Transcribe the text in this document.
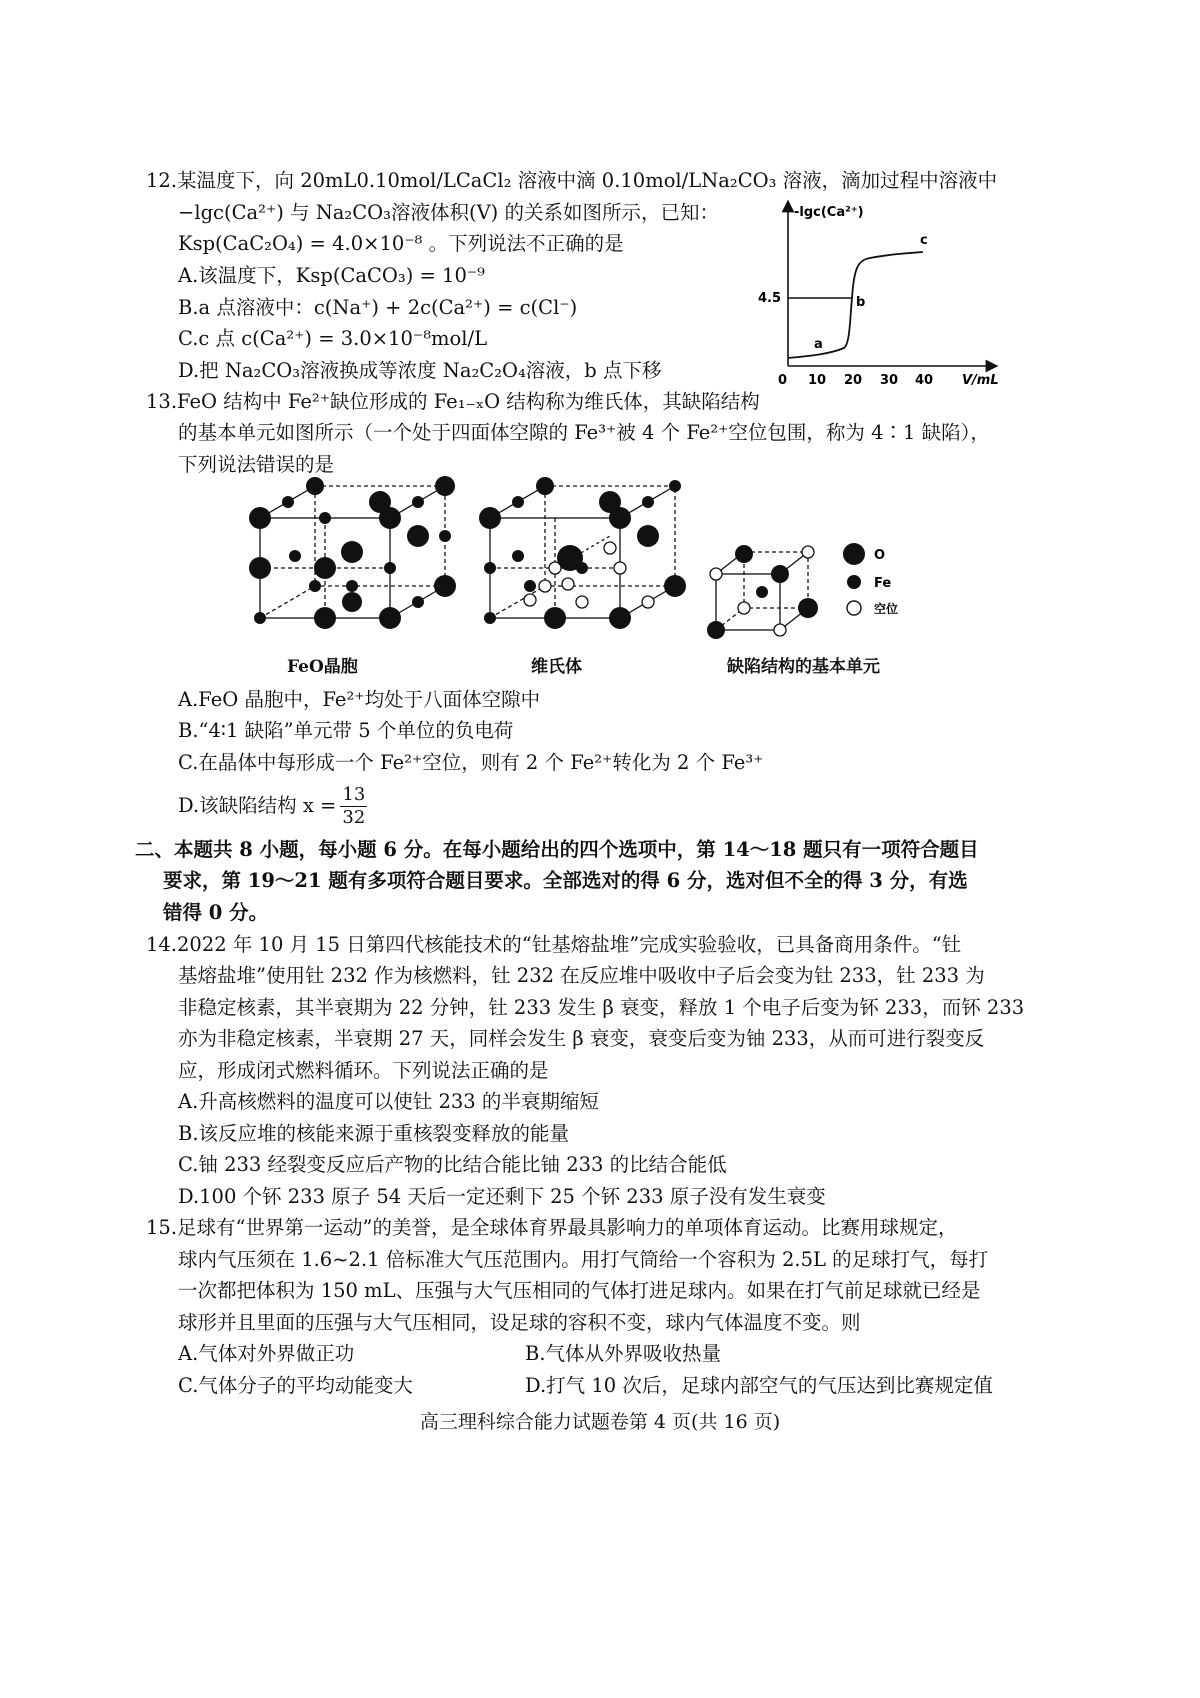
12.某温度下，向 20mL0.10mol/LCaCl₂ 溶液中滴 0.10mol/LNa₂CO₃ 溶液，滴加过程中溶液中
−lgc(Ca²⁺) 与 Na₂CO₃溶液体积(V) 的关系如图所示，已知：
Ksp(CaC₂O₄) = 4.0×10⁻⁸ 。下列说法不正确的是
A.该温度下，Ksp(CaCO₃) = 10⁻⁹
B.a 点溶液中：c(Na⁺) + 2c(Ca²⁺) = c(Cl⁻)
C.c 点 c(Ca²⁺) = 3.0×10⁻⁸mol/L
D.把 Na₂CO₃溶液换成等浓度 Na₂C₂O₄溶液，b 点下移
-lgc(Ca²⁺)
V/mL
4.5
0 10 20 30 40
a
b
c
13.FeO 结构中 Fe²⁺缺位形成的 Fe₁₋ₓO 结构称为维氏体，其缺陷结构
的基本单元如图所示（一个处于四面体空隙的 Fe³⁺被 4 个 Fe²⁺空位包围，称为 4∶1 缺陷），
下列说法错误的是
O
Fe
空位
FeO晶胞	维氏体	缺陷结构的基本单元
A.FeO 晶胞中，Fe²⁺均处于八面体空隙中
B.“4∶1 缺陷”单元带 5 个单位的负电荷
C.在晶体中每形成一个 Fe²⁺空位，则有 2 个 Fe²⁺转化为 2 个 Fe³⁺
D.该缺陷结构 $x = \frac{13}{32}$
二、本题共 8 小题，每小题 6 分。在每小题给出的四个选项中，第 14～18 题只有一项符合题目
要求，第 19～21 题有多项符合题目要求。全部选对的得 6 分，选对但不全的得 3 分，有选
错得 0 分。
14.2022 年 10 月 15 日第四代核能技术的“钍基熔盐堆”完成实验验收，已具备商用条件。“钍
基熔盐堆”使用钍 232 作为核燃料，钍 232 在反应堆中吸收中子后会变为钍 233，钍 233 为
非稳定核素，其半衰期为 22 分钟，钍 233 发生 β 衰变，释放 1 个电子后变为钚 233，而钚 233
亦为非稳定核素，半衰期 27 天，同样会发生 β 衰变，衰变后变为铀 233，从而可进行裂变反
应，形成闭式燃料循环。下列说法正确的是
A.升高核燃料的温度可以使钍 233 的半衰期缩短
B.该反应堆的核能来源于重核裂变释放的能量
C.铀 233 经裂变反应后产物的比结合能比铀 233 的比结合能低
D.100 个钚 233 原子 54 天后一定还剩下 25 个钚 233 原子没有发生衰变
15.足球有“世界第一运动”的美誉，是全球体育界最具影响力的单项体育运动。比赛用球规定，
球内气压须在 1.6~2.1 倍标准大气压范围内。用打气筒给一个容积为 2.5L 的足球打气，每打
一次都把体积为 150 mL、压强与大气压相同的气体打进足球内。如果在打气前足球就已经是
球形并且里面的压强与大气压相同，设足球的容积不变，球内气体温度不变。则
A.气体对外界做正功	B.气体从外界吸收热量
C.气体分子的平均动能变大	D.打气 10 次后，足球内部空气的气压达到比赛规定值
高三理科综合能力试题卷第 4 页(共 16 页)
